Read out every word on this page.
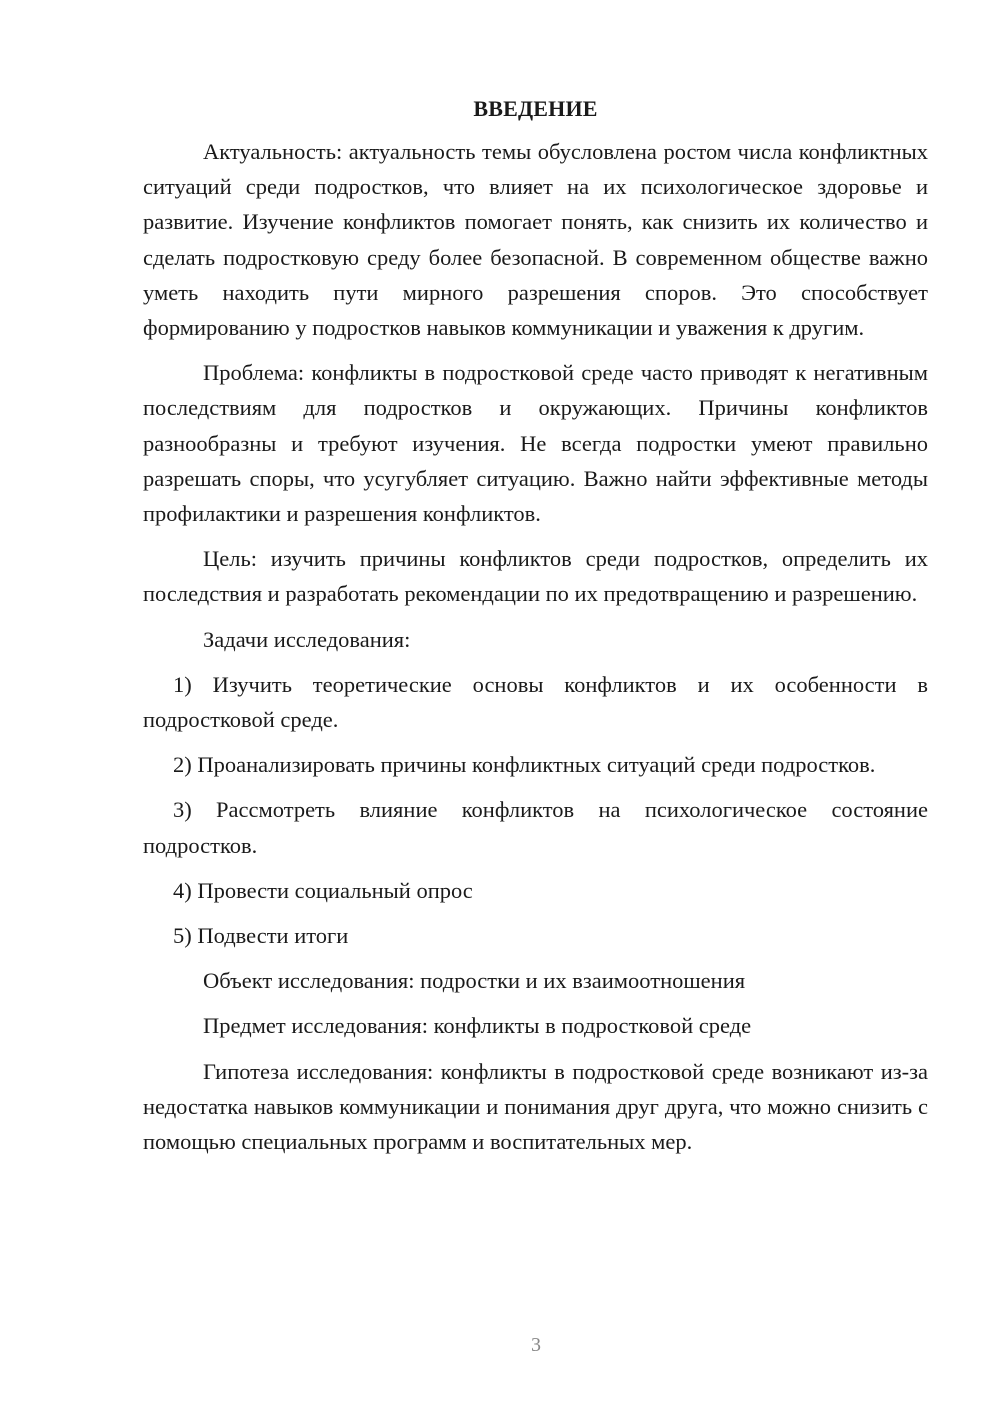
ВВЕДЕНИЕ

Актуальность: актуальность темы обусловлена ростом числа конфликтных ситуаций среди подростков, что влияет на их психологическое здоровье и развитие. Изучение конфликтов помогает понять, как снизить их количество и сделать подростковую среду более безопасной. В современном обществе важно уметь находить пути мирного разрешения споров. Это способствует формированию у подростков навыков коммуникации и уважения к другим.

Проблема: конфликты в подростковой среде часто приводят к негативным последствиям для подростков и окружающих. Причины конфликтов разнообразны и требуют изучения. Не всегда подростки умеют правильно разрешать споры, что усугубляет ситуацию. Важно найти эффективные методы профилактики и разрешения конфликтов.

Цель: изучить причины конфликтов среди подростков, определить их последствия и разработать рекомендации по их предотвращению и разрешению.

Задачи исследования:

1) Изучить теоретические основы конфликтов и их особенности в подростковой среде.

2) Проанализировать причины конфликтных ситуаций среди подростков.

3) Рассмотреть влияние конфликтов на психологическое состояние подростков.

4) Провести социальный опрос

5) Подвести итоги

Объект исследования: подростки и их взаимоотношения

Предмет исследования: конфликты в подростковой среде

Гипотеза исследования: конфликты в подростковой среде возникают из-за недостатка навыков коммуникации и понимания друг друга, что можно снизить с помощью специальных программ и воспитательных мер.

3
